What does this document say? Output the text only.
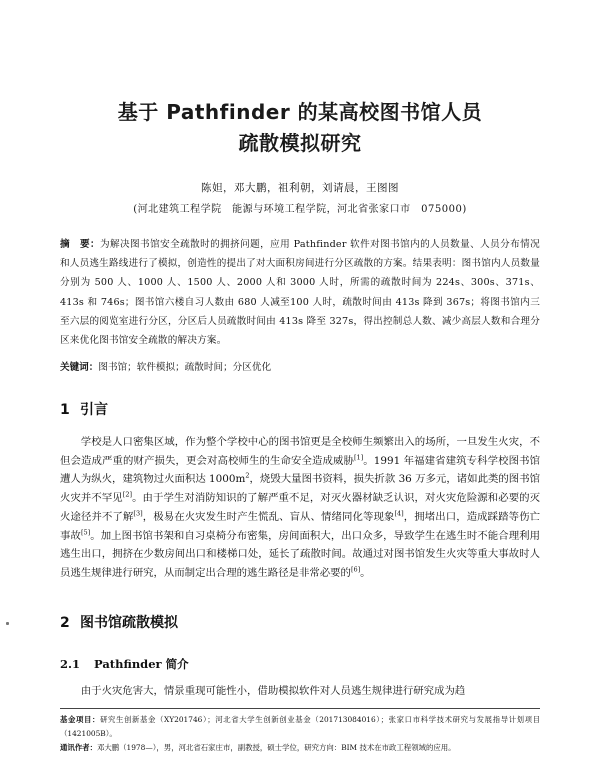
基于 Pathfinder 的某高校图书馆人员
疏散模拟研究
陈妲，邓大鹏，祖利朝，刘请晨，王图图
(河北建筑工程学院　能源与环境工程学院，河北省张家口市　075000)
摘　要：为解决图书馆安全疏散时的拥挤问题，应用 Pathfinder 软件对图书馆内的人员数量、人员分布情况和人员逃生路线进行了模拟，创造性的提出了对大面积房间进行分区疏散的方案。结果表明：图书馆内人员数量分别为 500 人、1000 人、1500 人、2000 人和 3000 人时，所需的疏散时间为 224s、300s、371s、413s 和 746s；图书馆六楼自习人数由 680 人减至100 人时，疏散时间由 413s 降到 367s；将图书馆内三至六层的阅览室进行分区，分区后人员疏散时间由 413s 降至 327s，得出控制总人数、减少高层人数和合理分区来优化图书馆安全疏散的解决方案。
关键词：图书馆；软件模拟；疏散时间；分区优化
1 引言
学校是人口密集区域，作为整个学校中心的图书馆更是全校师生频繁出入的场所，一旦发生火灾，不但会造成严重的财产损失，更会对高校师生的生命安全造成威胁[1]。1991 年福建省建筑专科学校图书馆遭人为纵火，建筑物过火面积达 $1000m^2$，烧毁大量图书资料，损失折款 36 万多元，诸如此类的图书馆火灾并不罕见[2]。由于学生对消防知识的了解严重不足，对灭火器材缺乏认识，对火灾危险源和必要的灭火途径并不了解[3]，极易在火灾发生时产生慌乱、盲从、情绪同化等现象[4]，拥堵出口，造成踩踏等伤亡事故[5]。加上图书馆书架和自习桌椅分布密集，房间面积大，出口众多，导致学生在逃生时不能合理利用逃生出口，拥挤在少数房间出口和楼梯口处，延长了疏散时间。故通过对图书馆发生火灾等重大事故时人员逃生规律进行研究，从而制定出合理的逃生路径是非常必要的[6]。
2 图书馆疏散模拟
2.1 Pathfinder 简介
由于火灾危害大，情景重现可能性小，借助模拟软件对人员逃生规律进行研究成为趋
基金项目：研究生创新基金（XY201746）；河北省大学生创新创业基金（201713084016）；张家口市科学技术研究与发展指导计划项目（1421005B）。
通讯作者：邓大鹏（1978—），男，河北省石家庄市，副教授，硕士学位，研究方向：BIM 技术在市政工程领域的应用。
